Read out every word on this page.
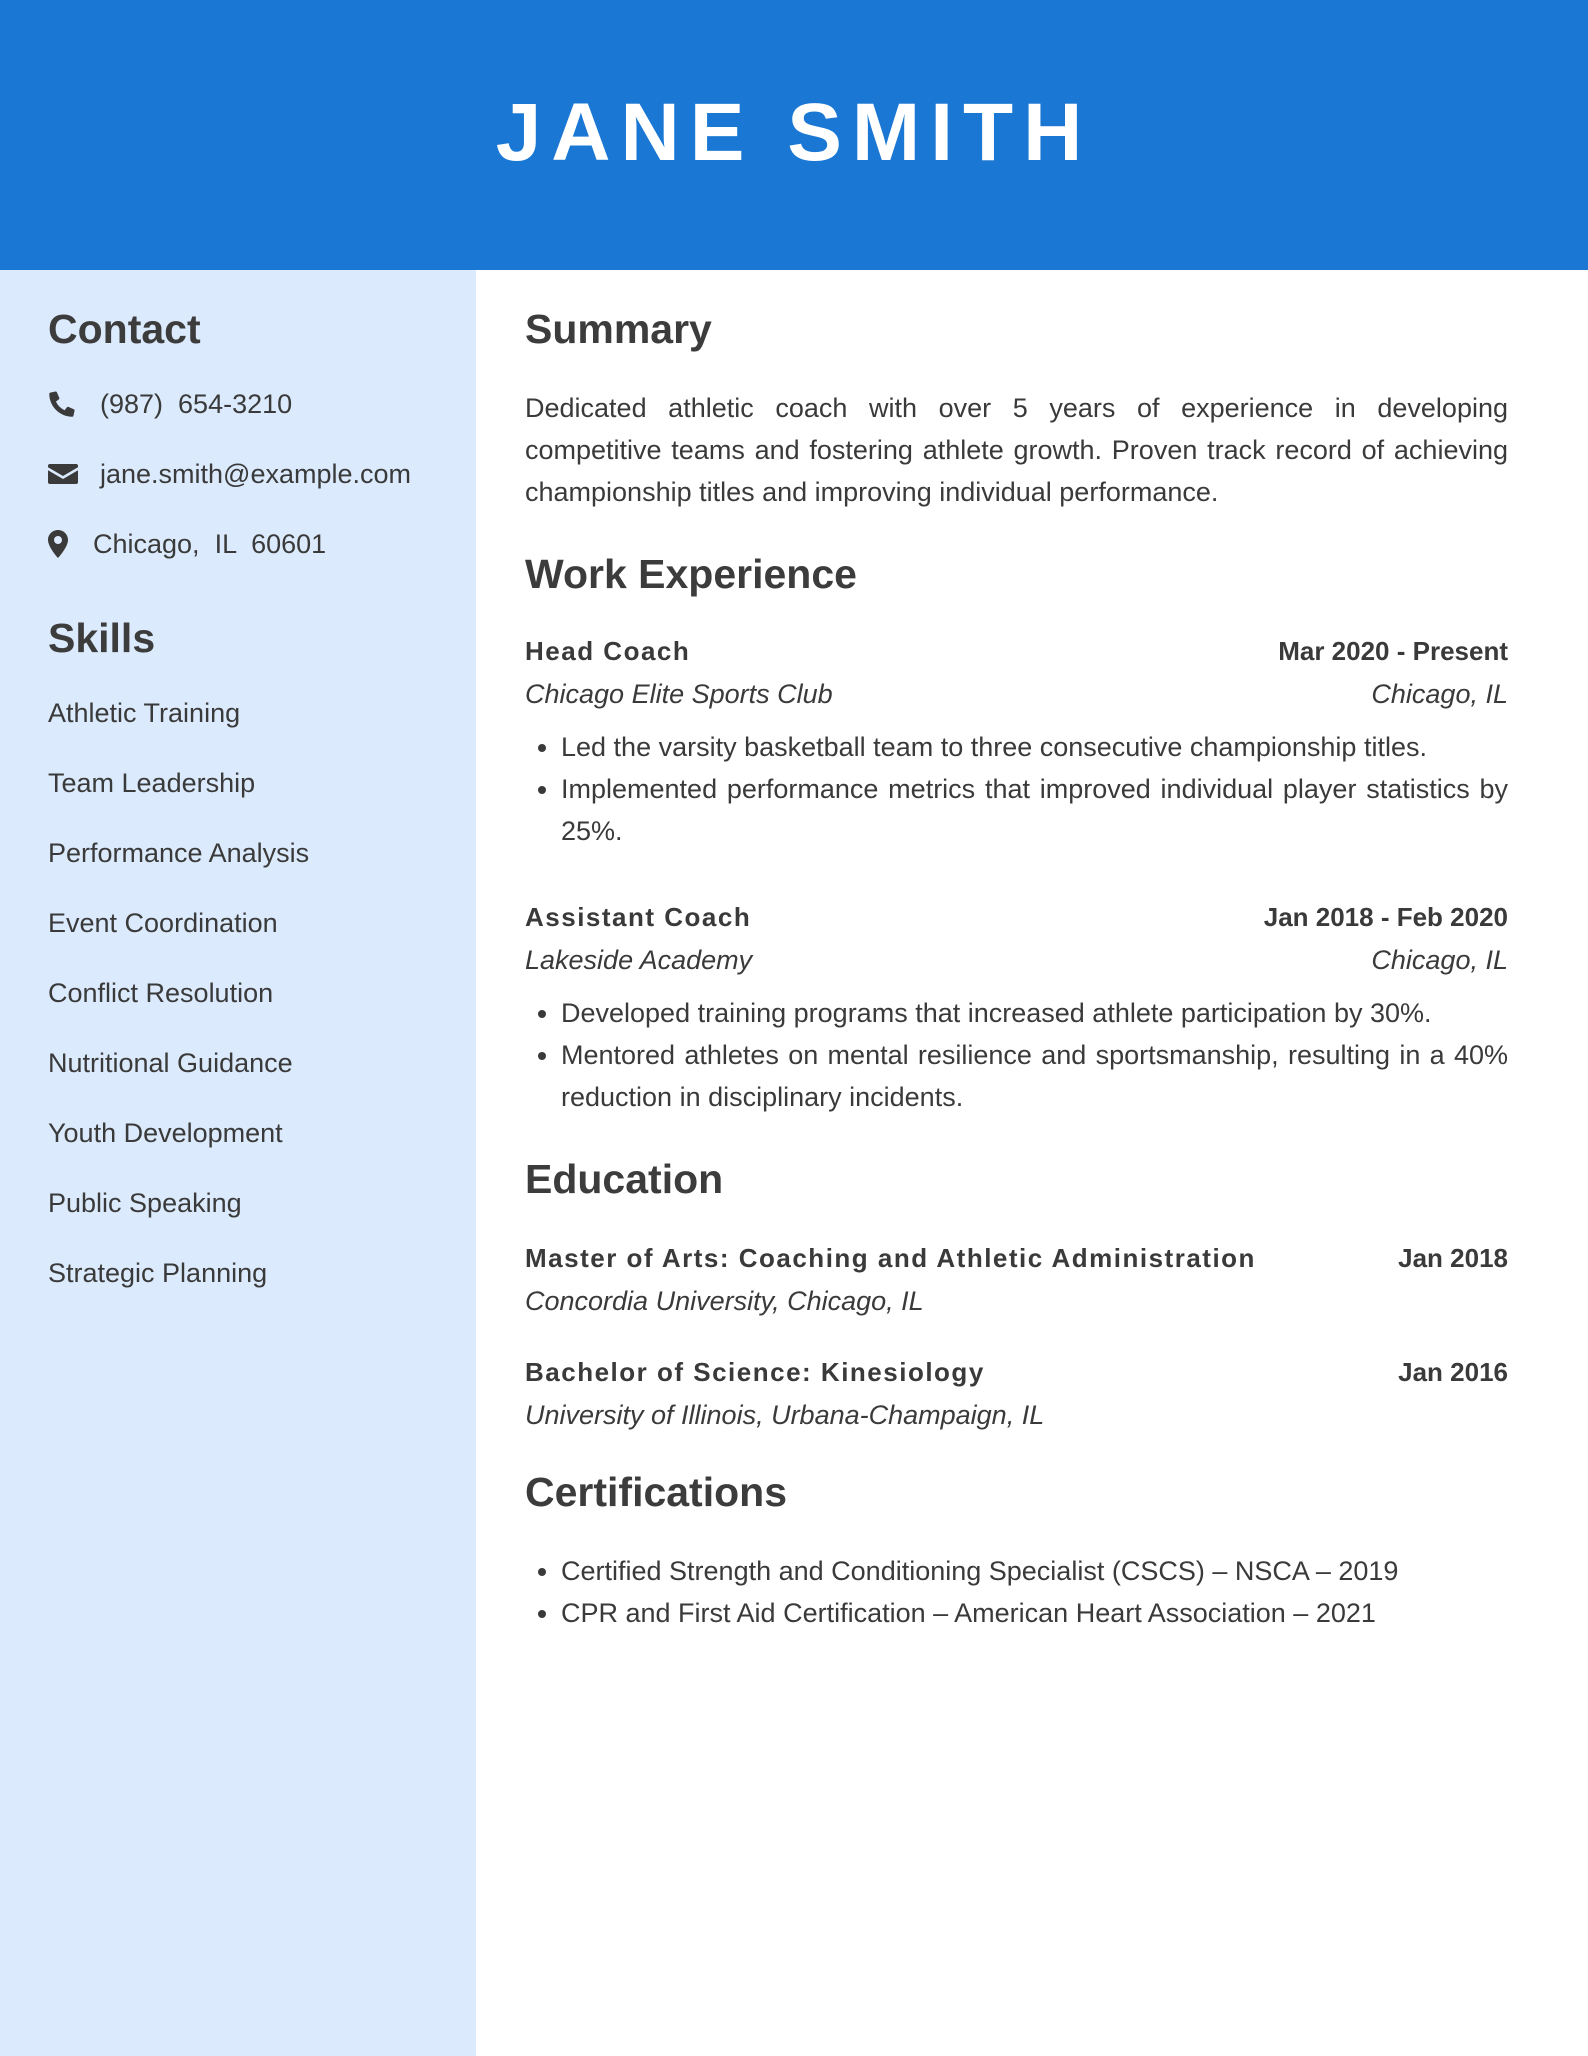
JANE SMITH
Contact
(987)  654-3210
jane.smith@example.com
Chicago,  IL  60601
Skills
Athletic Training
Team Leadership
Performance Analysis
Event Coordination
Conflict Resolution
Nutritional Guidance
Youth Development
Public Speaking
Strategic Planning
Summary
Dedicated athletic coach with over 5 years of experience in developing competitive teams and fostering athlete growth. Proven track record of achieving championship titles and improving individual performance.
Work Experience
Head Coach	Mar 2020 - Present
Chicago Elite Sports Club	Chicago, IL
• Led the varsity basketball team to three consecutive championship titles.
• Implemented performance metrics that improved individual player statistics by 25%.
Assistant Coach	Jan 2018 - Feb 2020
Lakeside Academy	Chicago, IL
• Developed training programs that increased athlete participation by 30%.
• Mentored athletes on mental resilience and sportsmanship, resulting in a 40% reduction in disciplinary incidents.
Education
Master of Arts: Coaching and Athletic Administration	Jan 2018
Concordia University, Chicago, IL
Bachelor of Science: Kinesiology	Jan 2016
University of Illinois, Urbana-Champaign, IL
Certifications
• Certified Strength and Conditioning Specialist (CSCS) – NSCA – 2019
• CPR and First Aid Certification – American Heart Association – 2021
